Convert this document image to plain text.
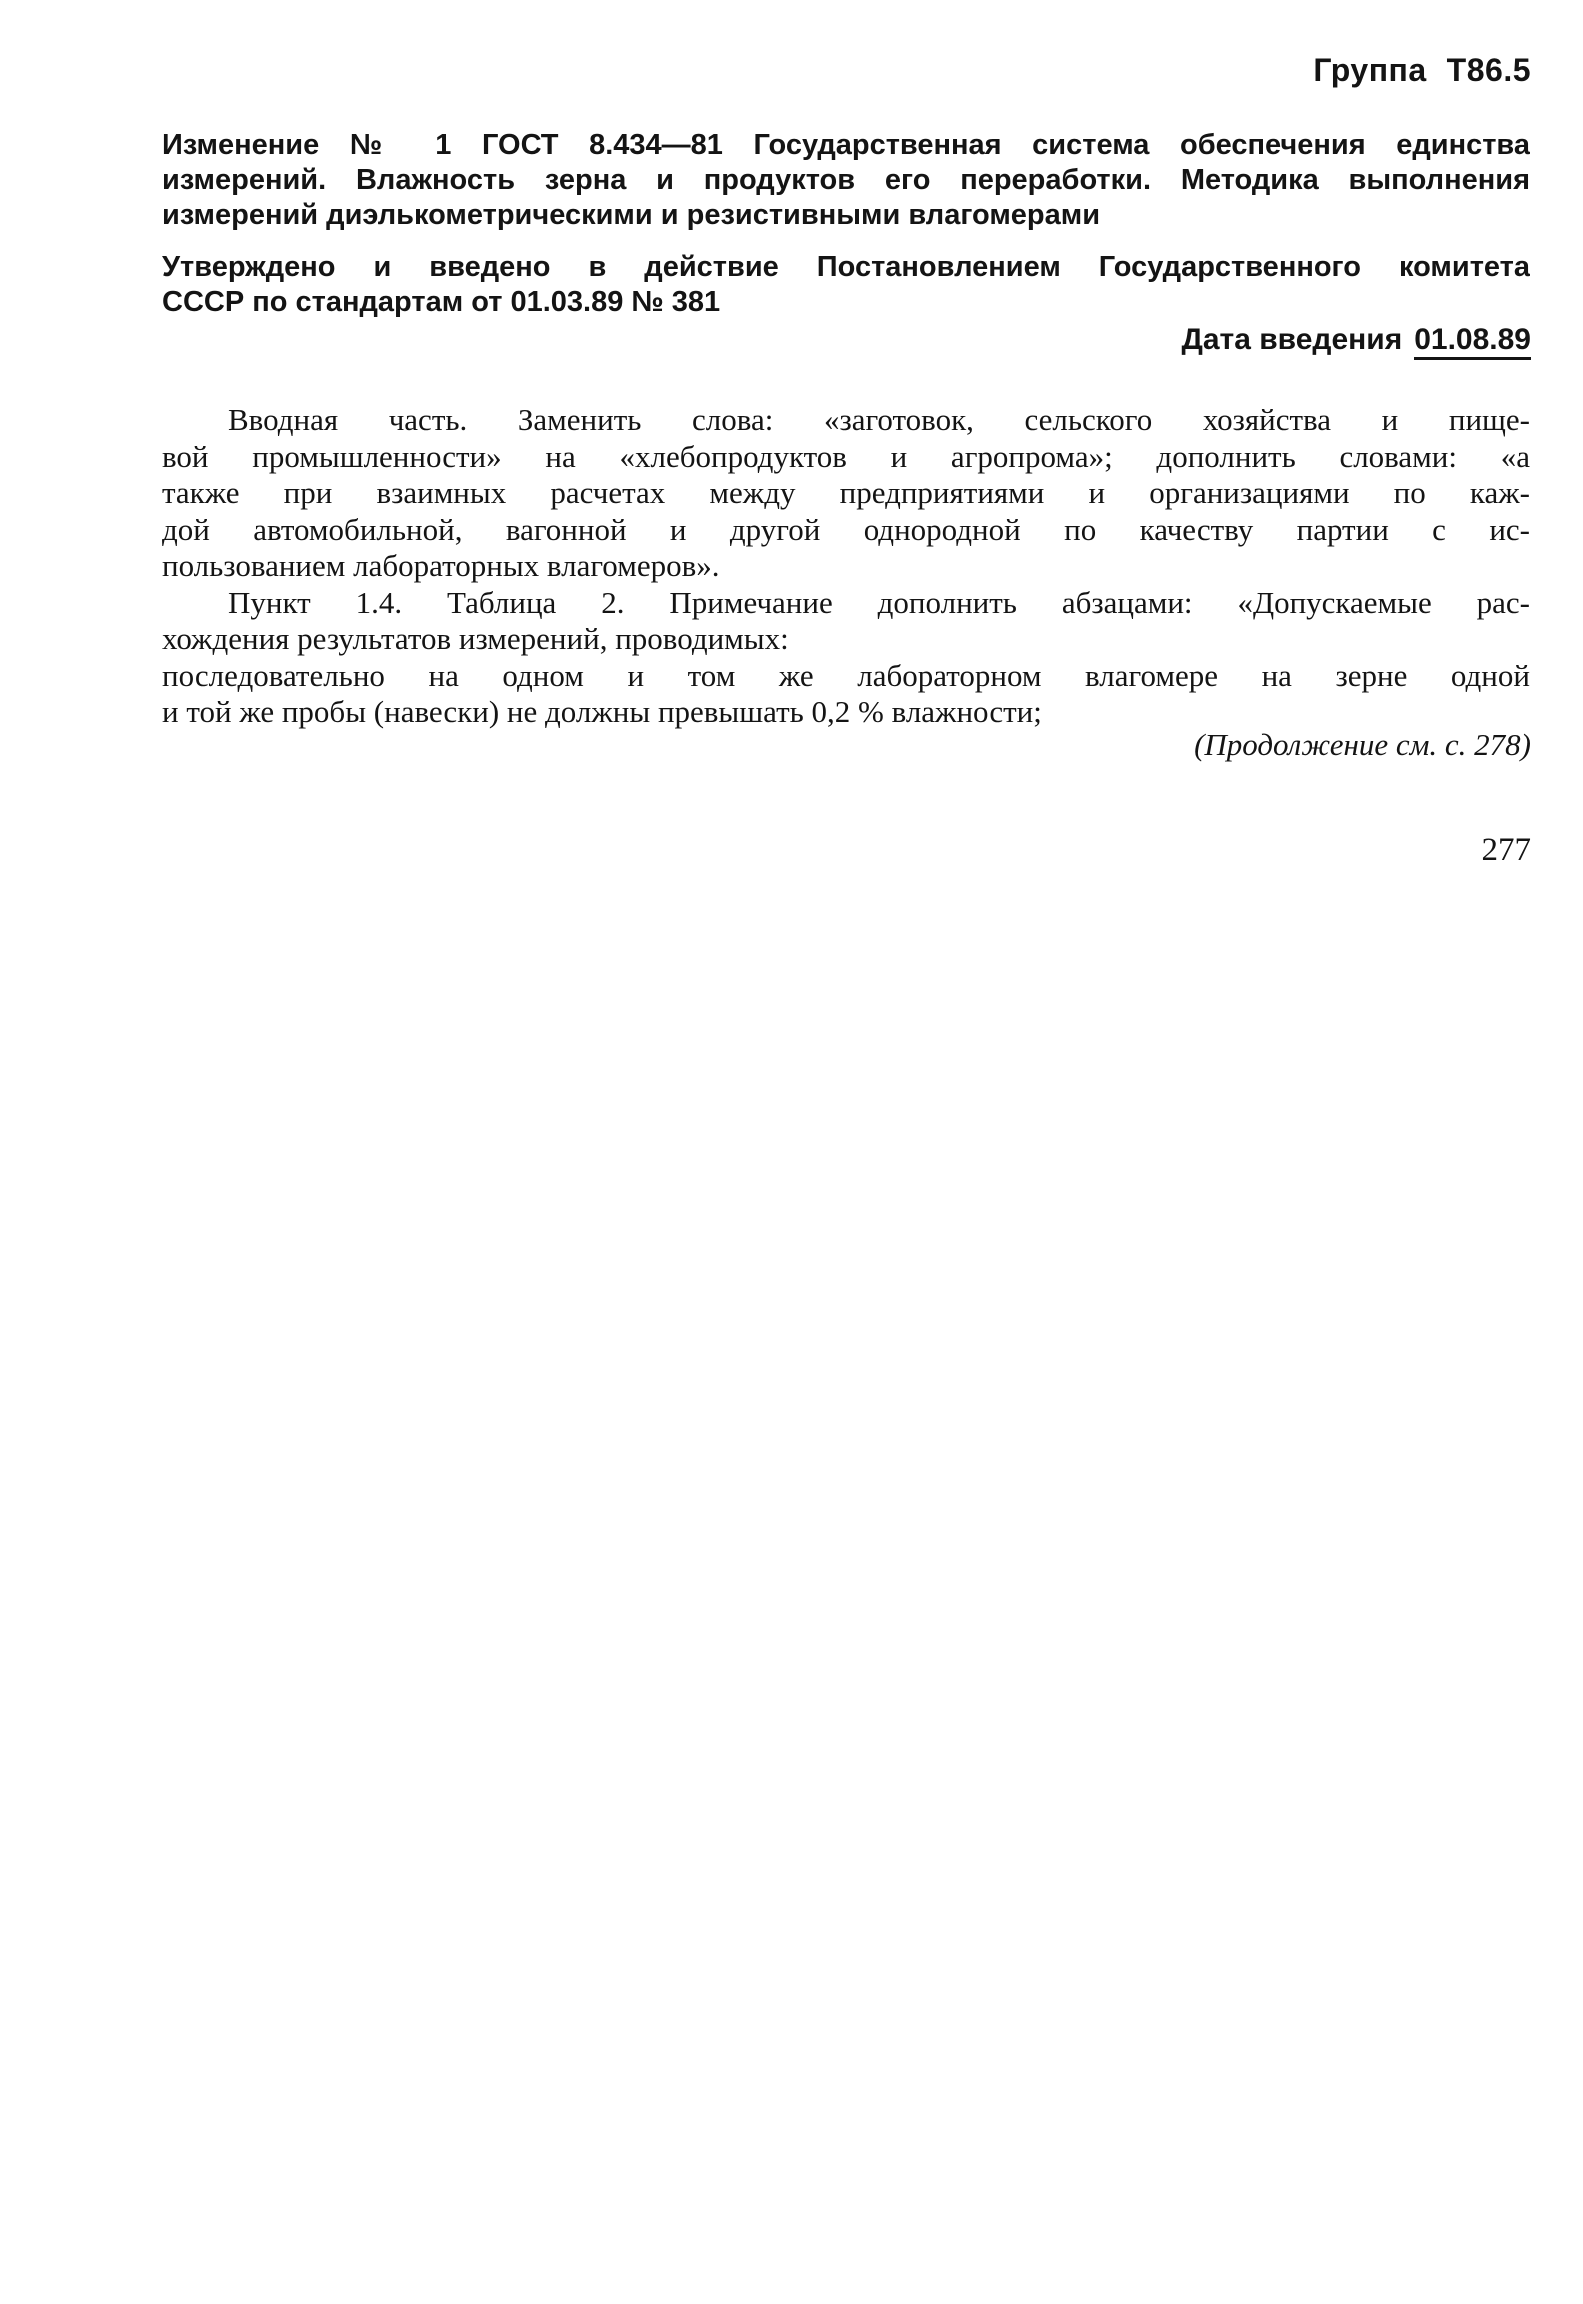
Группа Т86.5
Изменение № 1 ГОСТ 8.434—81 Государственная система обеспечения единства
измерений. Влажность зерна и продуктов его переработки. Методика выполнения
измерений диэлькометрическими и резистивными влагомерами
Утверждено и введено в действие Постановлением Государственного комитета
СССР по стандартам от 01.03.89 № 381
Дата введения 01.08.89
Вводная часть. Заменить слова: «заготовок, сельского хозяйства и пище-
вой промышленности» на «хлебопродуктов и агропрома»; дополнить словами: «а
также при взаимных расчетах между предприятиями и организациями по каж-
дой автомобильной, вагонной и другой однородной по качеству партии с ис-
пользованием лабораторных влагомеров».
Пункт 1.4. Таблица 2. Примечание дополнить абзацами: «Допускаемые рас-
хождения результатов измерений, проводимых:
последовательно на одном и том же лабораторном влагомере на зерне одной
и той же пробы (навески) не должны превышать 0,2 % влажности;
(Продолжение см. с. 278)
277
